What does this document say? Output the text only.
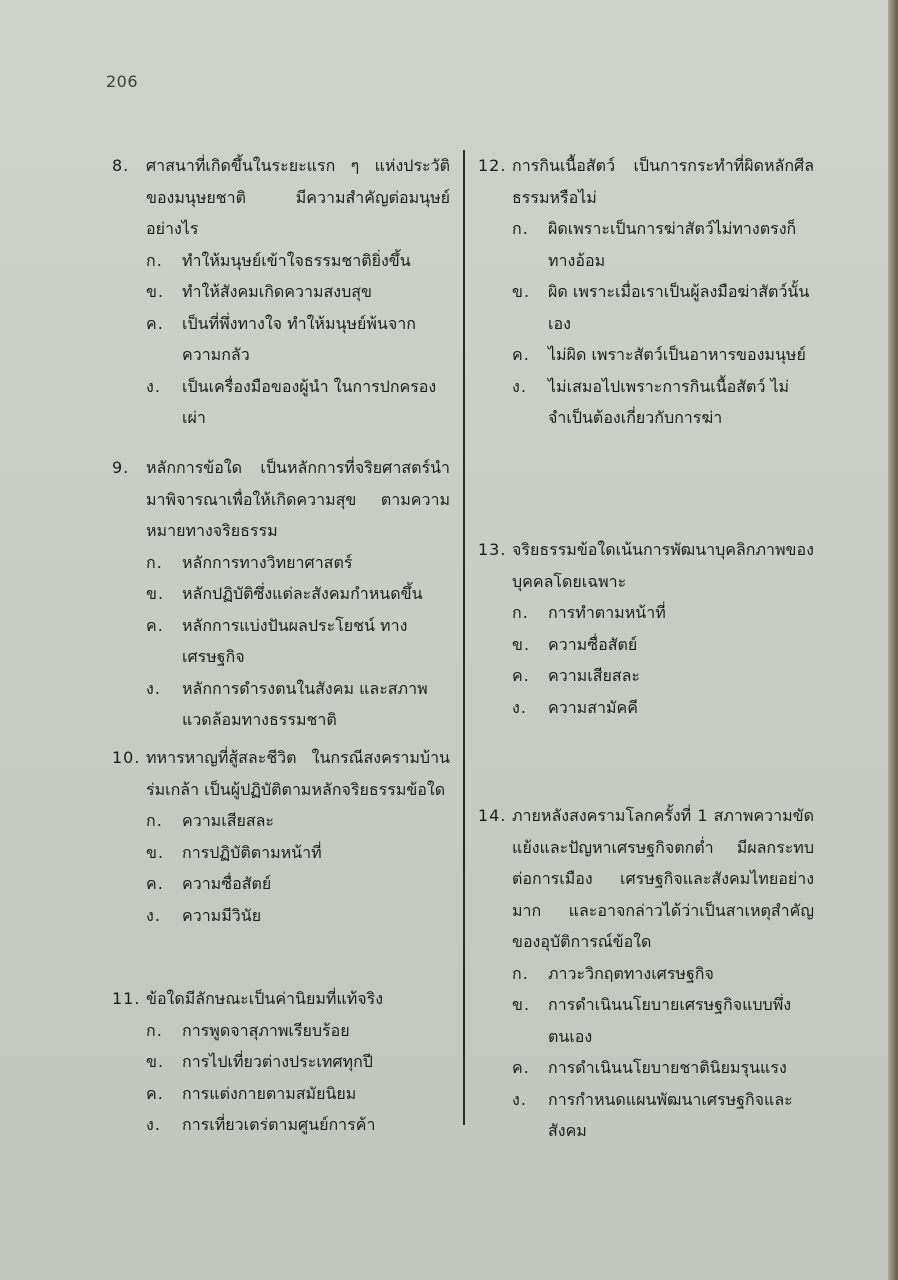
206
8.	ศาสนาที่เกิดขึ้นในระยะแรก ๆ แห่งประวัติของมนุษยชาติ มีความสำคัญต่อมนุษย์อย่างไร
ก.	ทำให้มนุษย์เข้าใจธรรมชาติยิ่งขึ้น
ข.	ทำให้สังคมเกิดความสงบสุข
ค.	เป็นที่พึ่งทางใจ ทำให้มนุษย์พ้นจากความกลัว
ง.	เป็นเครื่องมือของผู้นำ ในการปกครองเผ่า
9.	หลักการข้อใด เป็นหลักการที่จริยศาสตร์นำมาพิจารณาเพื่อให้เกิดความสุข ตามความหมายทางจริยธรรม
ก.	หลักการทางวิทยาศาสตร์
ข.	หลักปฏิบัติซึ่งแต่ละสังคมกำหนดขึ้น
ค.	หลักการแบ่งปันผลประโยชน์ ทางเศรษฐกิจ
ง.	หลักการดำรงตนในสังคม และสภาพแวดล้อมทางธรรมชาติ
10. ทหารหาญที่สู้สละชีวิต ในกรณีสงครามบ้านร่มเกล้า เป็นผู้ปฏิบัติตามหลักจริยธรรมข้อใด
ก.	ความเสียสละ
ข.	การปฏิบัติตามหน้าที่
ค.	ความซื่อสัตย์
ง.	ความมีวินัย
11. ข้อใดมีลักษณะเป็นค่านิยมที่แท้จริง
ก.	การพูดจาสุภาพเรียบร้อย
ข.	การไปเที่ยวต่างประเทศทุกปี
ค.	การแต่งกายตามสมัยนิยม
ง.	การเที่ยวเตร่ตามศูนย์การค้า
12. การกินเนื้อสัตว์ เป็นการกระทำที่ผิดหลักศีลธรรมหรือไม่
ก.	ผิดเพราะเป็นการฆ่าสัตว์ไม่ทางตรงก็ทางอ้อม
ข.	ผิด เพราะเมื่อเราเป็นผู้ลงมือฆ่าสัตว์นั้นเอง
ค.	ไม่ผิด เพราะสัตว์เป็นอาหารของมนุษย์
ง.	ไม่เสมอไปเพราะการกินเนื้อสัตว์ ไม่จำเป็นต้องเกี่ยวกับการฆ่า
13. จริยธรรมข้อใดเน้นการพัฒนาบุคลิกภาพของบุคคลโดยเฉพาะ
ก.	การทำตามหน้าที่
ข.	ความซื่อสัตย์
ค.	ความเสียสละ
ง.	ความสามัคคี
14. ภายหลังสงครามโลกครั้งที่ 1 สภาพความขัดแย้งและปัญหาเศรษฐกิจตกต่ำ มีผลกระทบต่อการเมือง เศรษฐกิจและสังคมไทยอย่างมาก และอาจกล่าวได้ว่าเป็นสาเหตุสำคัญของอุบัติการณ์ข้อใด
ก.	ภาวะวิกฤตทางเศรษฐกิจ
ข.	การดำเนินนโยบายเศรษฐกิจแบบพึ่งตนเอง
ค.	การดำเนินนโยบายชาตินิยมรุนแรง
ง.	การกำหนดแผนพัฒนาเศรษฐกิจและสังคม
